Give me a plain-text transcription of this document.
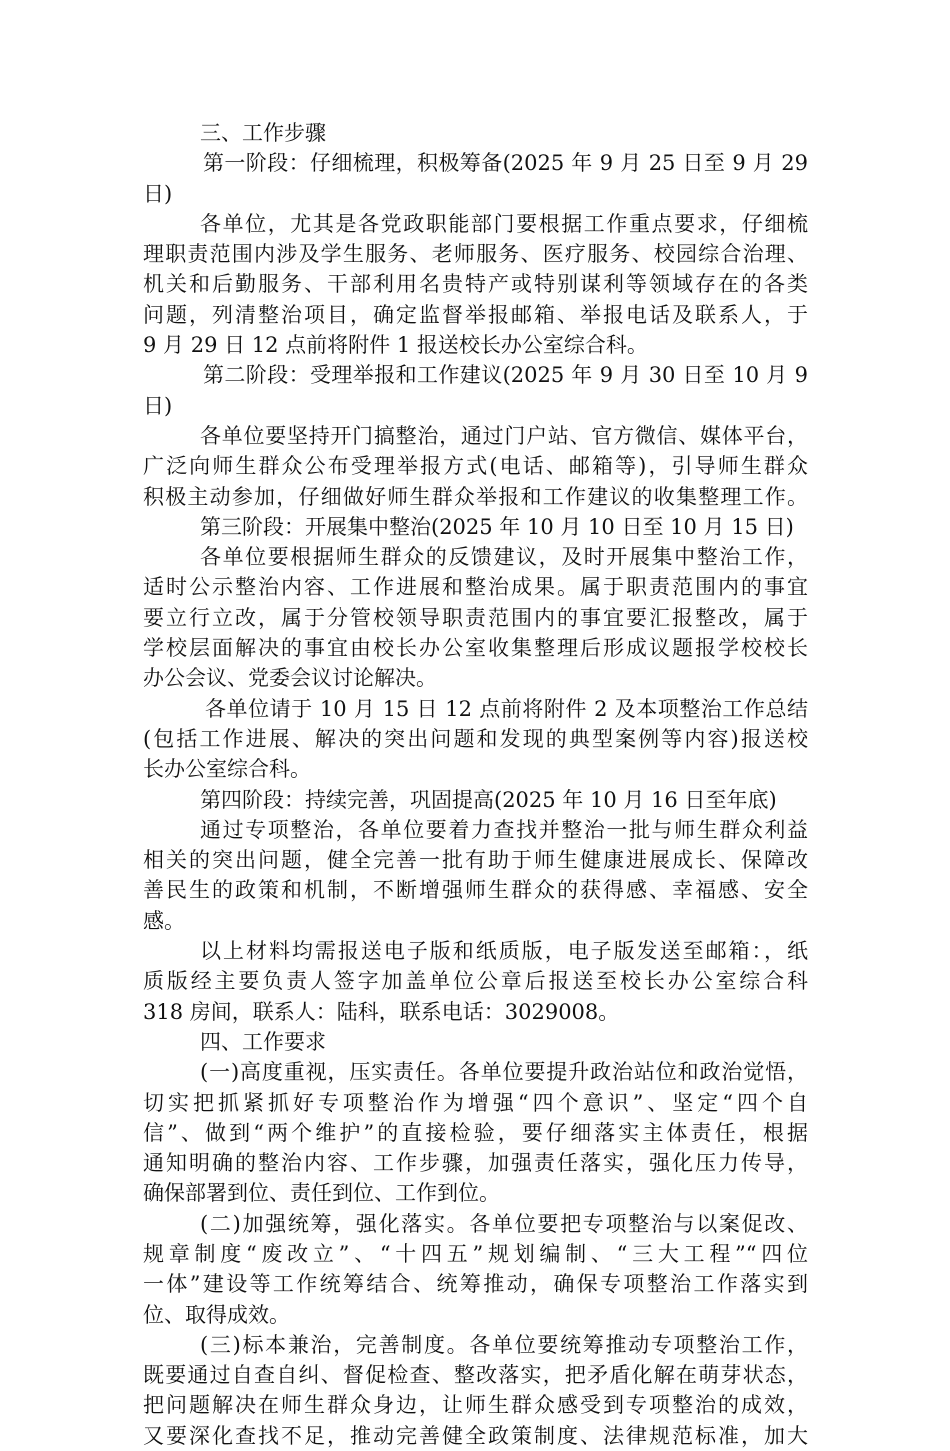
三、工作步骤
第一阶段：仔细梳理，积极筹备(2025 年 9 月 25 日至 9 月 29
日)
各单位，尤其是各党政职能部门要根据工作重点要求，仔细梳
理职责范围内涉及学生服务、老师服务、医疗服务、校园综合治理、
机关和后勤服务、干部利用名贵特产或特别谋利等领域存在的各类
问题，列清整治项目，确定监督举报邮箱、举报电话及联系人，于
9 月 29 日 12 点前将附件 1 报送校长办公室综合科。
第二阶段：受理举报和工作建议(2025 年 9 月 30 日至 10 月 9
日)
各单位要坚持开门搞整治，通过门户站、官方微信、媒体平台，
广泛向师生群众公布受理举报方式(电话、邮箱等)，引导师生群众
积极主动参加，仔细做好师生群众举报和工作建议的收集整理工作。
第三阶段：开展集中整治(2025 年 10 月 10 日至 10 月 15 日)
各单位要根据师生群众的反馈建议，及时开展集中整治工作，
适时公示整治内容、工作进展和整治成果。属于职责范围内的事宜
要立行立改，属于分管校领导职责范围内的事宜要汇报整改，属于
学校层面解决的事宜由校长办公室收集整理后形成议题报学校校长
办公会议、党委会议讨论解决。
各单位请于 10 月 15 日 12 点前将附件 2 及本项整治工作总结
(包括工作进展、解决的突出问题和发现的典型案例等内容)报送校
长办公室综合科。
第四阶段：持续完善，巩固提高(2025 年 10 月 16 日至年底)
通过专项整治，各单位要着力查找并整治一批与师生群众利益
相关的突出问题，健全完善一批有助于师生健康进展成长、保障改
善民生的政策和机制，不断增强师生群众的获得感、幸福感、安全
感。
以上材料均需报送电子版和纸质版，电子版发送至邮箱：，纸
质版经主要负责人签字加盖单位公章后报送至校长办公室综合科
318 房间，联系人：陆科，联系电话：3029008。
四、工作要求
(一)高度重视，压实责任。各单位要提升政治站位和政治觉悟，
切实把抓紧抓好专项整治作为增强“四个意识”、坚定“四个自
信”、做到“两个维护”的直接检验，要仔细落实主体责任，根据
通知明确的整治内容、工作步骤，加强责任落实，强化压力传导，
确保部署到位、责任到位、工作到位。
(二)加强统筹，强化落实。各单位要把专项整治与以案促改、
规章制度“废改立”、“十四五”规划编制、“三大工程”“四位
一体”建设等工作统筹结合、统筹推动，确保专项整治工作落实到
位、取得成效。
(三)标本兼治，完善制度。各单位要统筹推动专项整治工作，
既要通过自查自纠、督促检查、整改落实，把矛盾化解在萌芽状态，
把问题解决在师生群众身边，让师生群众感受到专项整治的成效，
又要深化查找不足，推动完善健全政策制度、法律规范标准，加大
